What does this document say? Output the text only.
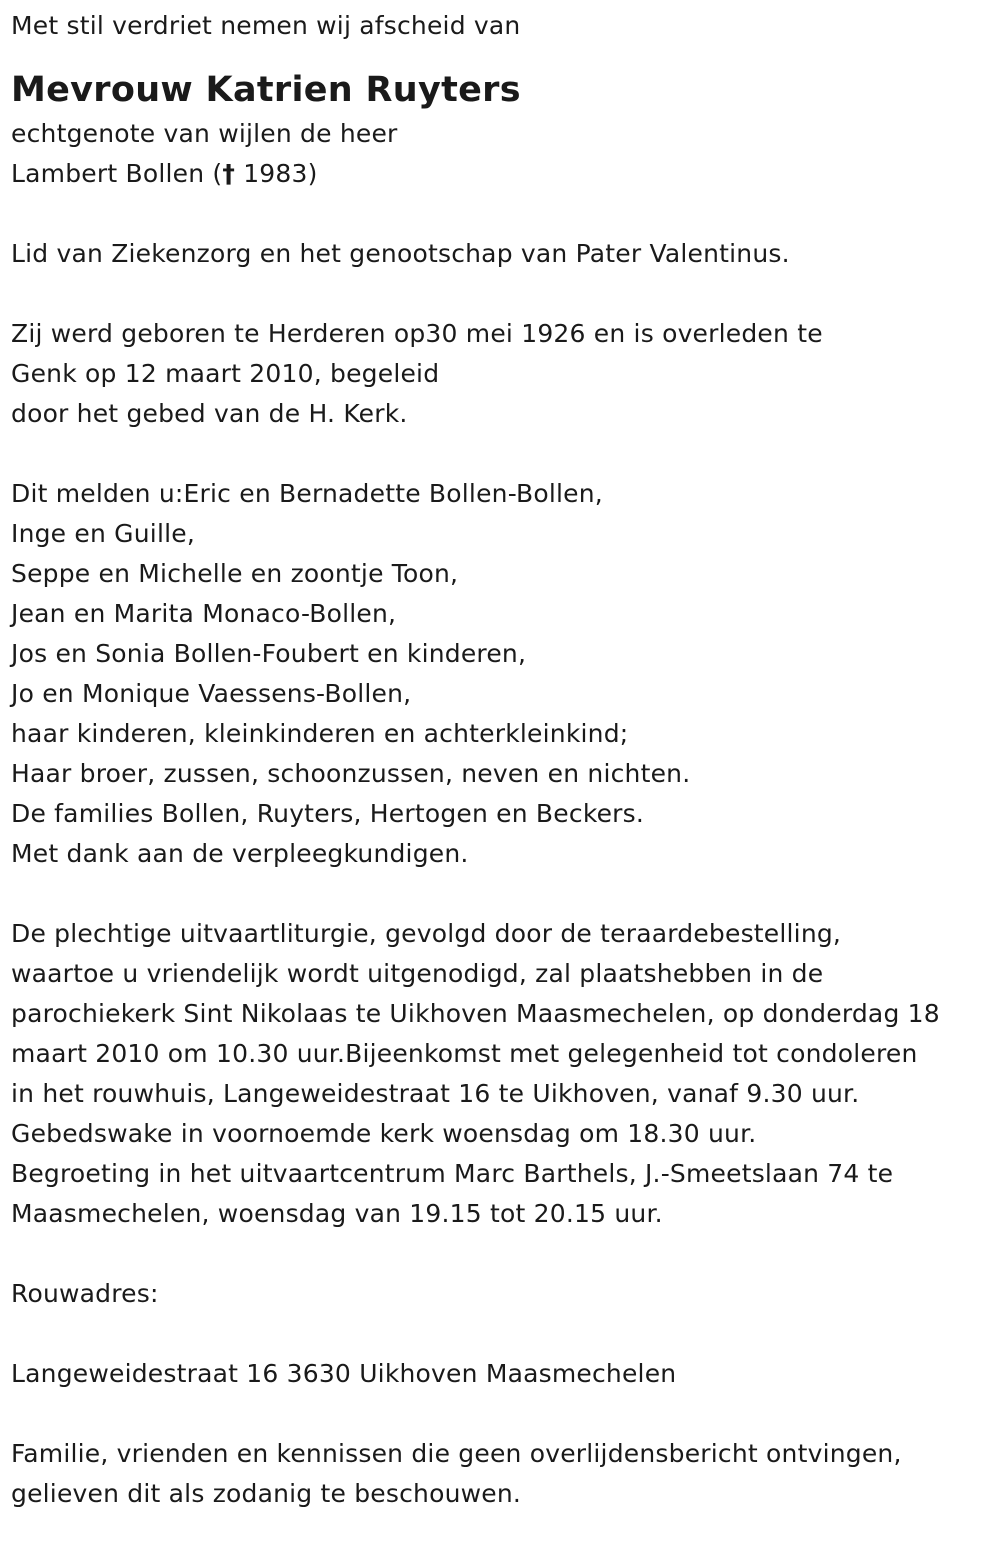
Met stil verdriet nemen wij afscheid van
Mevrouw Katrien Ruyters
echtgenote van wijlen de heer
Lambert Bollen († 1983)
Lid van Ziekenzorg en het genootschap van Pater Valentinus.
Zij werd geboren te Herderen op30 mei 1926 en is overleden te
Genk op 12 maart 2010, begeleid
door het gebed van de H. Kerk.
Dit melden u:Eric en Bernadette Bollen-Bollen,
Inge en Guille,
Seppe en Michelle en zoontje Toon,
Jean en Marita Monaco-Bollen,
Jos en Sonia Bollen-Foubert en kinderen,
Jo en Monique Vaessens-Bollen,
haar kinderen, kleinkinderen en achterkleinkind;
Haar broer, zussen, schoonzussen, neven en nichten.
De families Bollen, Ruyters, Hertogen en Beckers.
Met dank aan de verpleegkundigen.
De plechtige uitvaartliturgie, gevolgd door de teraardebestelling,
waartoe u vriendelijk wordt uitgenodigd, zal plaatshebben in de
parochiekerk Sint Nikolaas te Uikhoven Maasmechelen, op donderdag 18
maart 2010 om 10.30 uur.Bijeenkomst met gelegenheid tot condoleren
in het rouwhuis, Langeweidestraat 16 te Uikhoven, vanaf 9.30 uur.
Gebedswake in voornoemde kerk woensdag om 18.30 uur.
Begroeting in het uitvaartcentrum Marc Barthels, J.-Smeetslaan 74 te
Maasmechelen, woensdag van 19.15 tot 20.15 uur.
Rouwadres:
Langeweidestraat 16 3630 Uikhoven Maasmechelen
Familie, vrienden en kennissen die geen overlijdensbericht ontvingen,
gelieven dit als zodanig te beschouwen.
